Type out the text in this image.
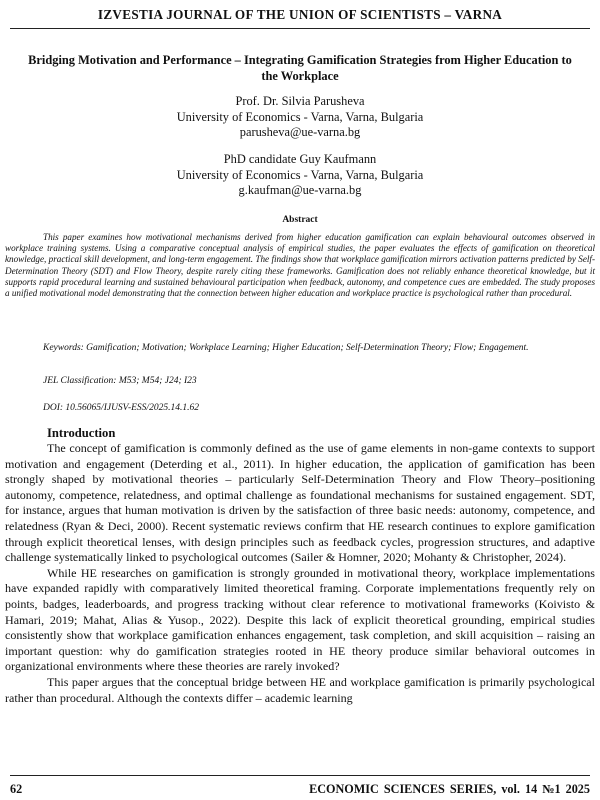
IZVESTIA JOURNAL OF THE UNION OF SCIENTISTS – VARNA
Bridging Motivation and Performance – Integrating Gamification Strategies from Higher Education to the Workplace
Prof. Dr. Silvia Parusheva
University of Economics - Varna, Varna, Bulgaria
parusheva@ue-varna.bg
PhD candidate Guy Kaufmann
University of Economics - Varna, Varna, Bulgaria
g.kaufman@ue-varna.bg
Abstract
This paper examines how motivational mechanisms derived from higher education gamification can explain behavioural outcomes observed in workplace training systems. Using a comparative conceptual analysis of empirical studies, the paper evaluates the effects of gamification on theoretical knowledge, practical skill development, and long-term engagement. The findings show that workplace gamification mirrors activation patterns predicted by Self-Determination Theory (SDT) and Flow Theory, despite rarely citing these frameworks. Gamification does not reliably enhance theoretical knowledge, but it supports rapid procedural learning and sustained behavioural participation when feedback, autonomy, and competence cues are embedded. The study proposes a unified motivational model demonstrating that the connection between higher education and workplace practice is psychological rather than procedural.
Keywords: Gamification; Motivation; Workplace Learning; Higher Education; Self-Determination Theory; Flow; Engagement.
JEL Classification: M53; M54; J24; I23
DOI: 10.56065/IJUSV-ESS/2025.14.1.62
Introduction

The concept of gamification is commonly defined as the use of game elements in non-game contexts to support motivation and engagement (Deterding et al., 2011). In higher education, the application of gamification has been strongly shaped by motivational theories – particularly Self-Determination Theory and Flow Theory–positioning autonomy, competence, relatedness, and optimal challenge as foundational mechanisms for sustained engagement. SDT, for instance, argues that human motivation is driven by the satisfaction of three basic needs: autonomy, competence, and relatedness (Ryan & Deci, 2000). Recent systematic reviews confirm that HE research continues to explore gamification through explicit theoretical lenses, with design principles such as feedback cycles, progression structures, and adaptive challenge systematically linked to psychological outcomes (Sailer & Homner, 2020; Mohanty & Christopher, 2024).

While HE researches on gamification is strongly grounded in motivational theory, workplace implementations have expanded rapidly with comparatively limited theoretical framing. Corporate implementations frequently rely on points, badges, leaderboards, and progress tracking without clear reference to motivational frameworks (Koivisto & Hamari, 2019; Mahat, Alias & Yusop., 2022). Despite this lack of explicit theoretical grounding, empirical studies consistently show that workplace gamification enhances engagement, task completion, and skill acquisition – raising an important question: why do gamification strategies rooted in HE theory produce similar behavioral outcomes in organizational environments where these theories are rarely invoked?

This paper argues that the conceptual bridge between HE and workplace gamification is primarily psychological rather than procedural. Although the contexts differ – academic learning

62	ECONOMIC SCIENCES SERIES, vol. 14 №1 2025
